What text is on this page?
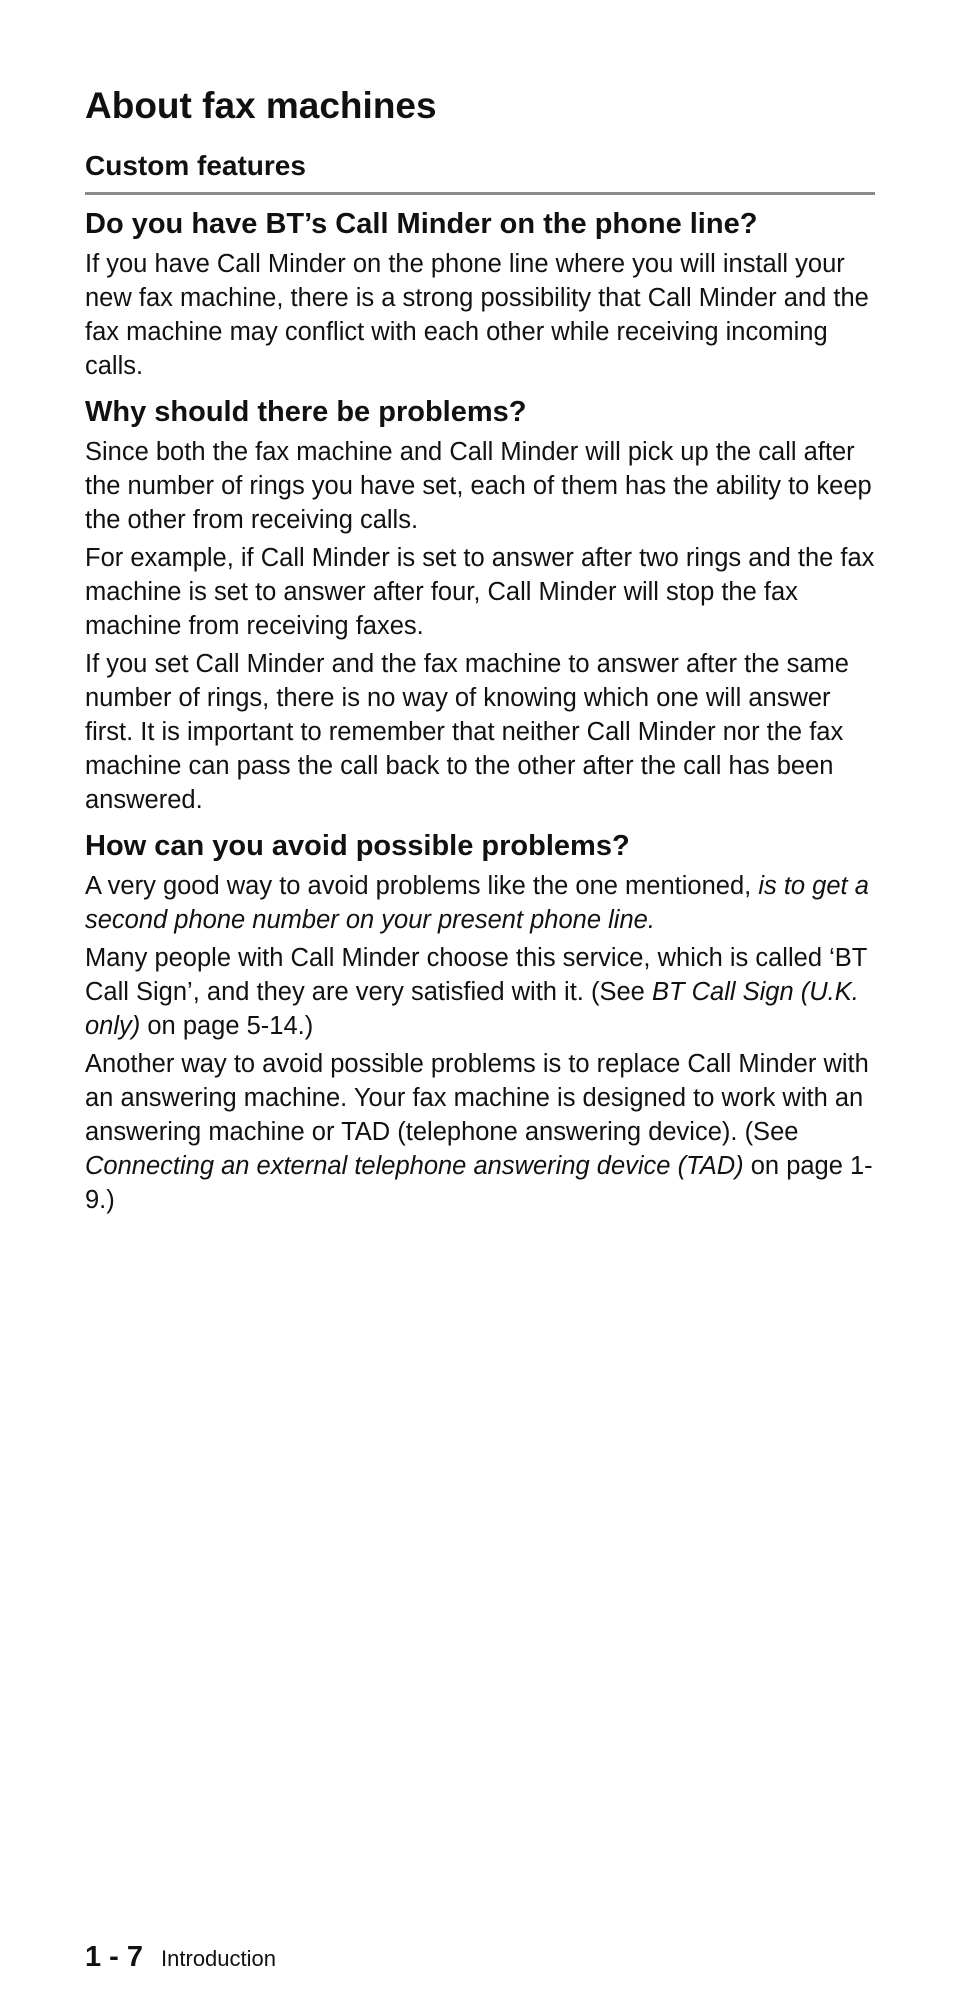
About fax machines
Custom features
Do you have BT’s Call Minder on the phone line?

If you have Call Minder on the phone line where you will install your new fax machine, there is a strong possibility that Call Minder and the fax machine may conflict with each other while receiving incoming calls.

Why should there be problems?

Since both the fax machine and Call Minder will pick up the call after the number of rings you have set, each of them has the ability to keep the other from receiving calls.

For example, if Call Minder is set to answer after two rings and the fax machine is set to answer after four, Call Minder will stop the fax machine from receiving faxes.

If you set Call Minder and the fax machine to answer after the same number of rings, there is no way of knowing which one will answer first. It is important to remember that neither Call Minder nor the fax machine can pass the call back to the other after the call has been answered.

How can you avoid possible problems?

A very good way to avoid problems like the one mentioned, is to get a second phone number on your present phone line.

Many people with Call Minder choose this service, which is called ‘BT Call Sign’, and they are very satisfied with it. (See BT Call Sign (U.K. only) on page 5-14.)

Another way to avoid possible problems is to replace Call Minder with an answering machine. Your fax machine is designed to work with an answering machine or TAD (telephone answering device). (See Connecting an external telephone answering device (TAD) on page 1-9.)

1 - 7 Introduction
